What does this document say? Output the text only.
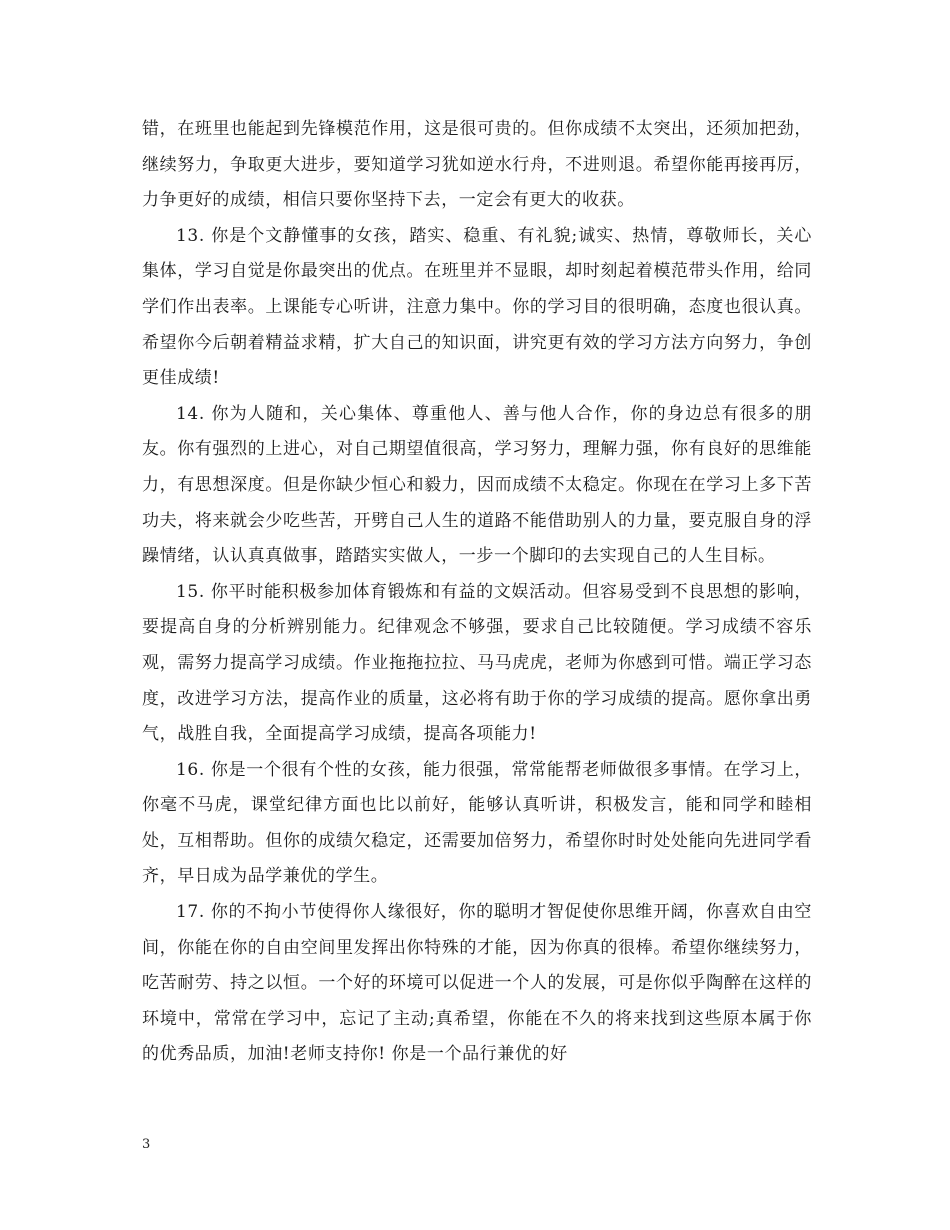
错，在班里也能起到先锋模范作用，这是很可贵的。但你成绩不太突出，还须加把劲，继续努力，争取更大进步，要知道学习犹如逆水行舟，不进则退。希望你能再接再厉，力争更好的成绩，相信只要你坚持下去，一定会有更大的收获。

13. 你是个文静懂事的女孩，踏实、稳重、有礼貌;诚实、热情，尊敬师长，关心集体，学习自觉是你最突出的优点。在班里并不显眼，却时刻起着模范带头作用，给同学们作出表率。上课能专心听讲，注意力集中。你的学习目的很明确，态度也很认真。希望你今后朝着精益求精，扩大自己的知识面，讲究更有效的学习方法方向努力，争创更佳成绩!

14. 你为人随和，关心集体、尊重他人、善与他人合作，你的身边总有很多的朋友。你有强烈的上进心，对自己期望值很高，学习努力，理解力强，你有良好的思维能力，有思想深度。但是你缺少恒心和毅力，因而成绩不太稳定。你现在在学习上多下苦功夫，将来就会少吃些苦，开劈自己人生的道路不能借助别人的力量，要克服自身的浮躁情绪，认认真真做事，踏踏实实做人，一步一个脚印的去实现自己的人生目标。

15. 你平时能积极参加体育锻炼和有益的文娱活动。但容易受到不良思想的影响，要提高自身的分析辨别能力。纪律观念不够强，要求自己比较随便。学习成绩不容乐观，需努力提高学习成绩。作业拖拖拉拉、马马虎虎，老师为你感到可惜。端正学习态度，改进学习方法，提高作业的质量，这必将有助于你的学习成绩的提高。愿你拿出勇气，战胜自我，全面提高学习成绩，提高各项能力!

16. 你是一个很有个性的女孩，能力很强，常常能帮老师做很多事情。在学习上，你毫不马虎，课堂纪律方面也比以前好，能够认真听讲，积极发言，能和同学和睦相处，互相帮助。但你的成绩欠稳定，还需要加倍努力，希望你时时处处能向先进同学看齐，早日成为品学兼优的学生。

17. 你的不拘小节使得你人缘很好，你的聪明才智促使你思维开阔，你喜欢自由空间，你能在你的自由空间里发挥出你特殊的才能，因为你真的很棒。希望你继续努力，吃苦耐劳、持之以恒。一个好的环境可以促进一个人的发展，可是你似乎陶醉在这样的环境中，常常在学习中，忘记了主动;真希望，你能在不久的将来找到这些原本属于你的优秀品质，加油!老师支持你! 你是一个品行兼优的好

3
